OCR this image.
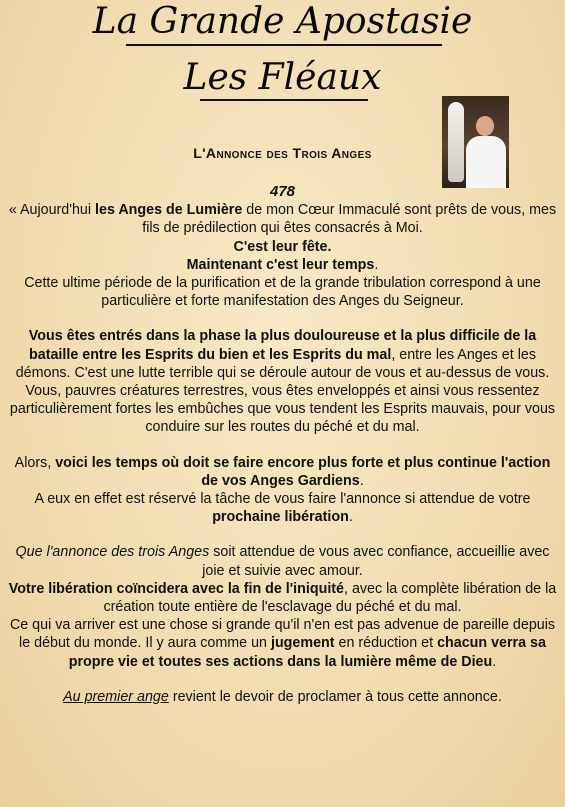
La Grande Apostasie
Les Fléaux
L'Annonce des Trois Anges

478

« Aujourd'hui les Anges de Lumière de mon Cœur Immaculé sont prêts de vous, mes fils de prédilection qui êtes consacrés à Moi.

C'est leur fête.

Maintenant c'est leur temps.

Cette ultime période de la purification et de la grande tribulation correspond à une particulière et forte manifestation des Anges du Seigneur.

Vous êtes entrés dans la phase la plus douloureuse et la plus difficile de la bataille entre les Esprits du bien et les Esprits du mal, entre les Anges et les démons. C'est une lutte terrible qui se déroule autour de vous et au-dessus de vous. Vous, pauvres créatures terrestres, vous êtes enveloppés et ainsi vous ressentez particulièrement fortes les embûches que vous tendent les Esprits mauvais, pour vous conduire sur les routes du péché et du mal.

Alors, voici les temps où doit se faire encore plus forte et plus continue l'action de vos Anges Gardiens.

A eux en effet est réservé la tâche de vous faire l'annonce si attendue de votre prochaine libération.

Que l'annonce des trois Anges soit attendue de vous avec confiance, accueillie avec joie et suivie avec amour.

Votre libération coïncidera avec la fin de l'iniquité, avec la complète libération de la création toute entière de l'esclavage du péché et du mal.

Ce qui va arriver est une chose si grande qu'il n'en est pas advenue de pareille depuis le début du monde. Il y aura comme un jugement en réduction et chacun verra sa propre vie et toutes ses actions dans la lumière même de Dieu.

Au premier ange revient le devoir de proclamer à tous cette annonce.
